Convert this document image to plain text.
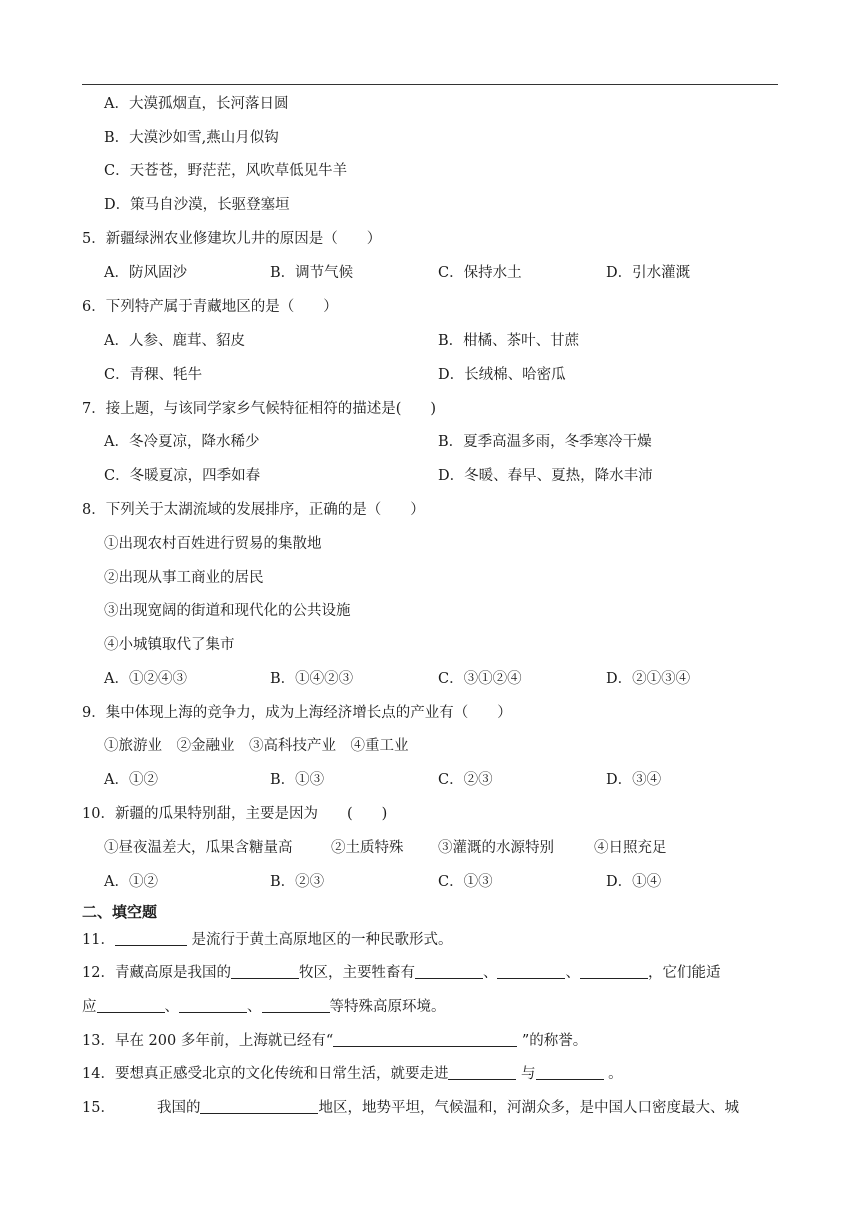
A．大漠孤烟直，长河落日圆
B．大漠沙如雪,燕山月似钩
C．天苍苍，野茫茫，风吹草低见牛羊
D．策马自沙漠，长驱登塞垣
5．新疆绿洲农业修建坎儿井的原因是（　　）
A．防风固沙	B．调节气候	C．保持水土	D．引水灌溉
6．下列特产属于青藏地区的是（　　）
A．人参、鹿茸、貂皮	B．柑橘、茶叶、甘蔗
C．青稞、牦牛	D．长绒棉、哈密瓜
7．接上题，与该同学家乡气候特征相符的描述是(　　)
A．冬冷夏凉，降水稀少	B．夏季高温多雨，冬季寒冷干燥
C．冬暖夏凉，四季如春	D．冬暖、春早、夏热，降水丰沛
8．下列关于太湖流域的发展排序，正确的是（　　）
①出现农村百姓进行贸易的集散地
②出现从事工商业的居民
③出现宽阔的街道和现代化的公共设施
④小城镇取代了集市
A．①②④③	B．①④②③	C．③①②④	D．②①③④
9．集中体现上海的竞争力，成为上海经济增长点的产业有（　　）
①旅游业　②金融业　③高科技产业　④重工业
A．①②	B．①③	C．②③	D．③④
10．新疆的瓜果特别甜，主要是因为　　(　　)
①昼夜温差大，瓜果含糖量高	②土质特殊 ③灌溉的水源特别	④日照充足
A．①②	B．②③	C．①③	D．①④
二、填空题
11．	是流行于黄土高原地区的一种民歌形式。
12．青藏高原是我国的	牧区，主要牲畜有	、	、	，它们能适
应	、	、	等特殊高原环境。
13．早在 200 多年前，上海就已经有“	”的称誉。
14．要想真正感受北京的文化传统和日常生活，就要走进	与	。
15．	我国的	地区，地势平坦，气候温和，河湖众多，是中国人口密度最大、城
